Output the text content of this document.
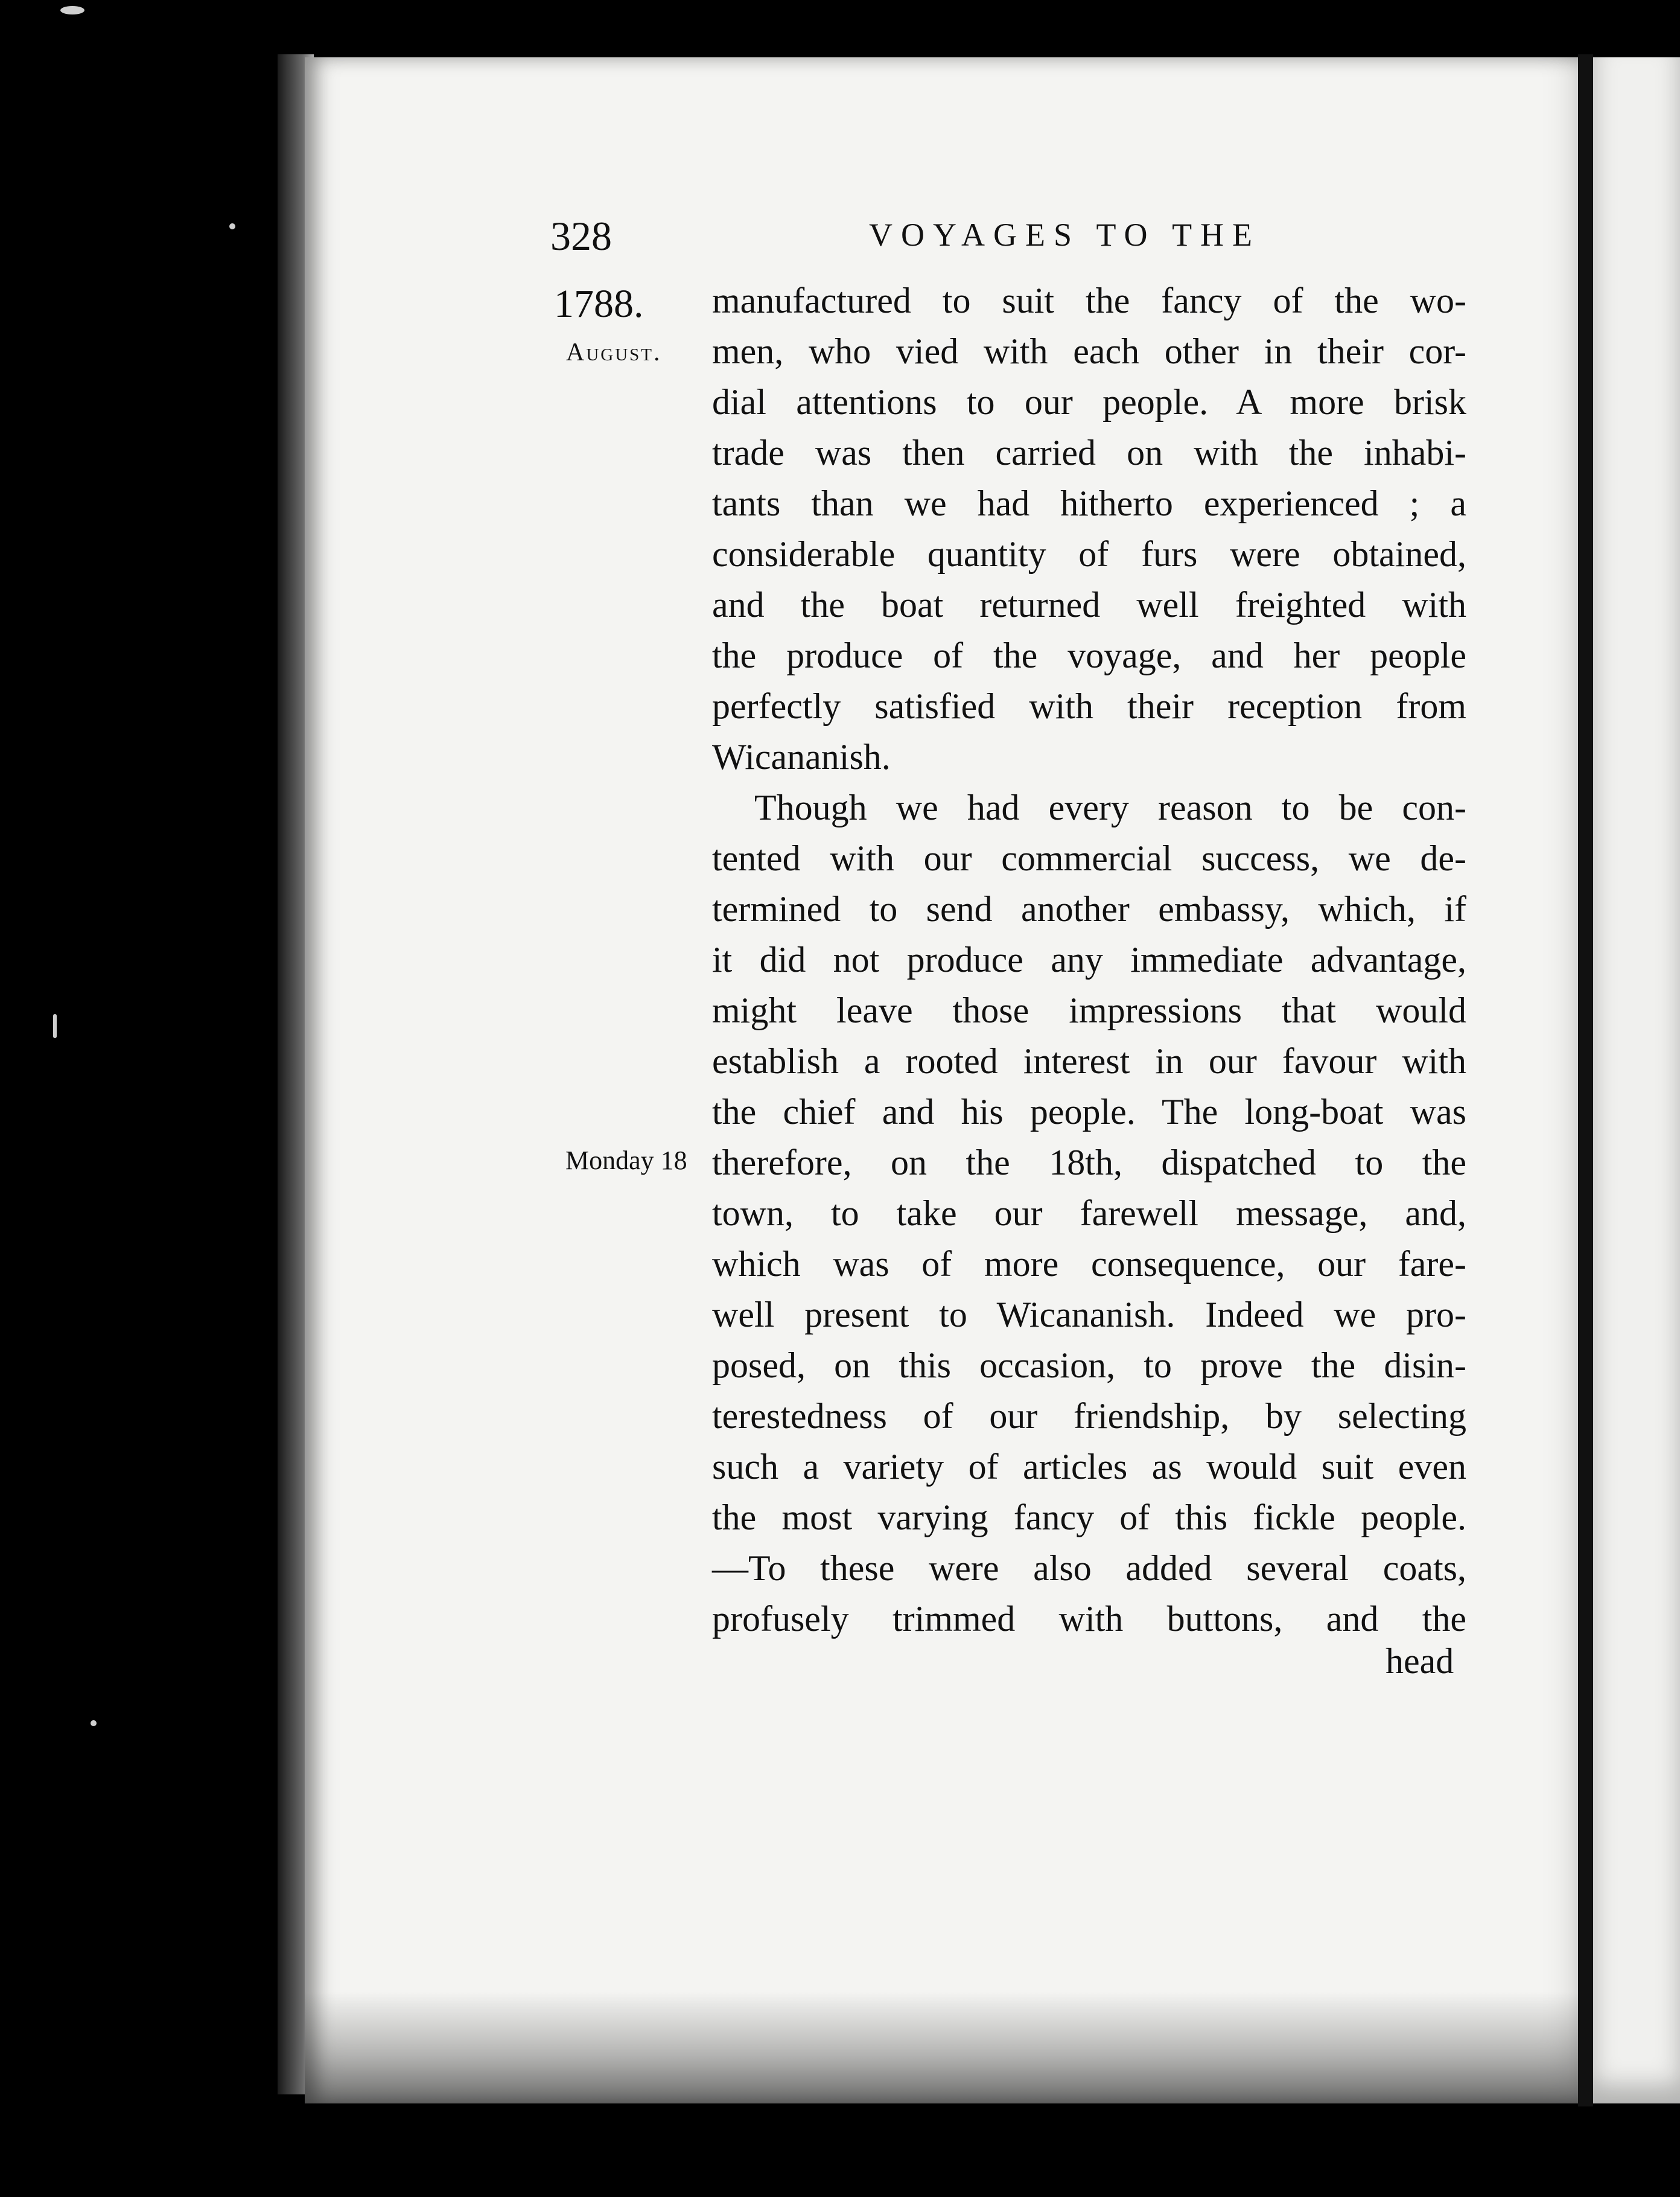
328	VOYAGES TO THE
1788.
August.
Monday 18
manufactured to suit the fancy of the wo-
men, who vied with each other in their cor-
dial attentions to our people. A more brisk
trade was then carried on with the inhabi-
tants than we had hitherto experienced ; a
considerable quantity of furs were obtained,
and the boat returned well freighted with
the produce of the voyage, and her people
perfectly satisfied with their reception from
Wicananish.
Though we had every reason to be con-
tented with our commercial success, we de-
termined to send another embassy, which, if
it did not produce any immediate advantage,
might leave those impressions that would
establish a rooted interest in our favour with
the chief and his people. The long-boat was
therefore, on the 18th, dispatched to the
town, to take our farewell message, and,
which was of more consequence, our fare-
well present to Wicananish. Indeed we pro-
posed, on this occasion, to prove the disin-
terestedness of our friendship, by selecting
such a variety of articles as would suit even
the most varying fancy of this fickle people.
—To these were also added several coats,
profusely trimmed with buttons, and the
head
